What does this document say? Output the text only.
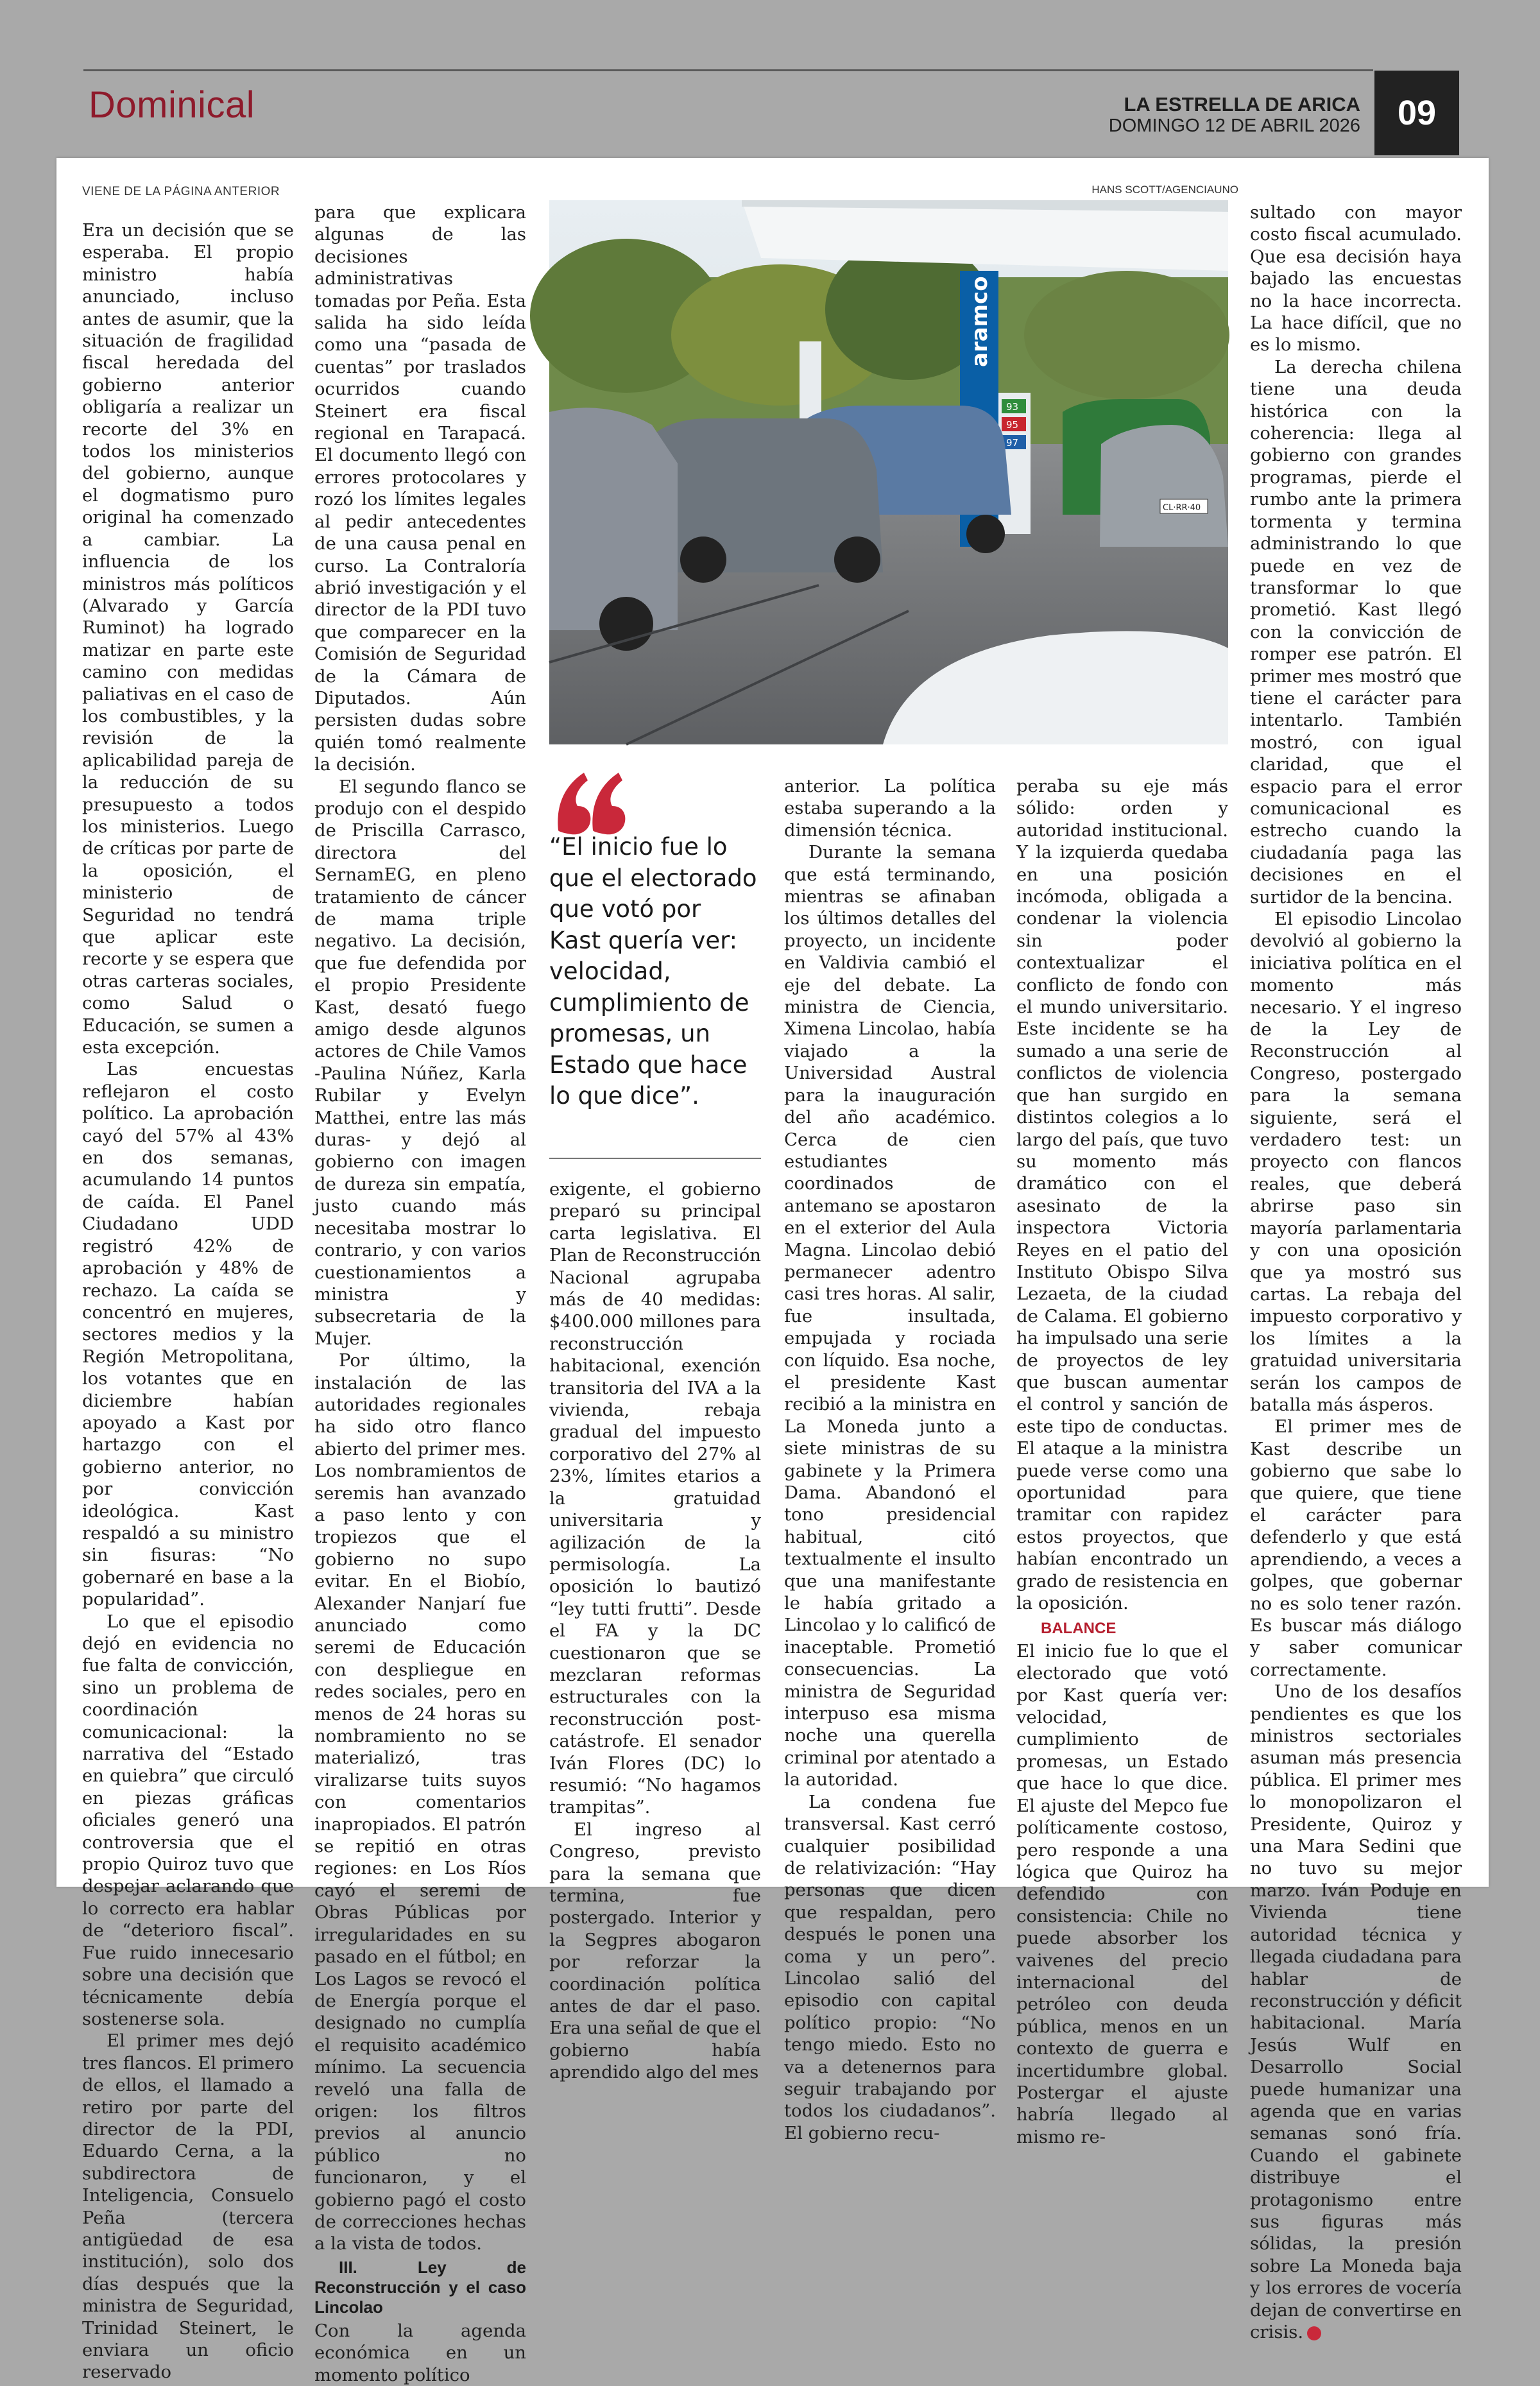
Dominical	LA ESTRELLA DE ARICA
DOMINGO 12 DE ABRIL 2026	09
VIENE DE LA PÁGINA ANTERIOR	HANS SCOTT/AGENCIAUNO

Era un decisión que se esperaba. El propio ministro había anunciado, incluso antes de asumir, que la situación de fragilidad fiscal heredada del gobierno anterior obligaría a realizar un recorte del 3% en todos los ministerios del gobierno, aunque el dogmatismo puro original ha comenzado a cambiar. La influencia de los ministros más políticos (Alvarado y García Ruminot) ha logrado matizar en parte este camino con medidas paliativas en el caso de los combustibles, y la revisión de la aplicabilidad pareja de la reducción de su presupuesto a todos los ministerios. Luego de críticas por parte de la oposición, el ministerio de Seguridad no tendrá que aplicar este recorte y se espera que otras carteras sociales, como Salud o Educación, se sumen a esta excepción.

Las encuestas reflejaron el costo político. La aprobación cayó del 57% al 43% en dos semanas, acumulando 14 puntos de caída. El Panel Ciudadano UDD registró 42% de aprobación y 48% de rechazo. La caída se concentró en mujeres, sectores medios y la Región Metropolitana, los votantes que en diciembre habían apoyado a Kast por hartazgo con el gobierno anterior, no por convicción ideológica. Kast respaldó a su ministro sin fisuras: “No gobernaré en base a la popularidad”.

Lo que el episodio dejó en evidencia no fue falta de convicción, sino un problema de coordinación comunicacional: la narrativa del “Estado en quiebra” que circuló en piezas gráficas oficiales generó una controversia que el propio Quiroz tuvo que despejar aclarando que lo correcto era hablar de “deterioro fiscal”. Fue ruido innecesario sobre una decisión que técnicamente debía sostenerse sola.

El primer mes dejó tres flancos. El primero de ellos, el llamado a retiro por parte del director de la PDI, Eduardo Cerna, a la subdirectora de Inteligencia, Consuelo Peña (tercera antigüedad de esa institución), solo dos días después que la ministra de Seguridad, Trinidad Steinert, le enviara un oficio reservado

para que explicara algunas de las decisiones administrativas tomadas por Peña. Esta salida ha sido leída como una “pasada de cuentas” por traslados ocurridos cuando Steinert era fiscal regional en Tarapacá. El documento llegó con errores protocolares y rozó los límites legales al pedir antecedentes de una causa penal en curso. La Contraloría abrió investigación y el director de la PDI tuvo que comparecer en la Comisión de Seguridad de la Cámara de Diputados. Aún persisten dudas sobre quién tomó realmente la decisión.

El segundo flanco se produjo con el despido de Priscilla Carrasco, directora del SernamEG, en pleno tratamiento de cáncer de mama triple negativo. La decisión, que fue defendida por el propio Presidente Kast, desató fuego amigo desde algunos actores de Chile Vamos -Paulina Núñez, Karla Rubilar y Evelyn Matthei, entre las más duras- y dejó al gobierno con imagen de dureza sin empatía, justo cuando más necesitaba mostrar lo contrario, y con varios cuestionamientos a ministra y subsecretaria de la Mujer.

Por último, la instalación de las autoridades regionales ha sido otro flanco abierto del primer mes. Los nombramientos de seremis han avanzado a paso lento y con tropiezos que el gobierno no supo evitar. En el Biobío, Alexander Nanjarí fue anunciado como seremi de Educación con despliegue en redes sociales, pero en menos de 24 horas su nombramiento no se materializó, tras viralizarse tuits suyos con comentarios inapropiados. El patrón se repitió en otras regiones: en Los Ríos cayó el seremi de Obras Públicas por irregularidades en su pasado en el fútbol; en Los Lagos se revocó el de Energía porque el designado no cumplía el requisito académico mínimo. La secuencia reveló una falla de origen: los filtros previos al anuncio público no funcionaron, y el gobierno pagó el costo de correcciones hechas a la vista de todos.

III. Ley de Reconstrucción y el caso Lincolao

Con la agenda económica en un momento político

aramco
93
95
97
CL·RR·40
“El inicio fue lo que el electorado que votó por Kast quería ver: velocidad, cumplimiento de promesas, un Estado que hace lo que dice”.

exigente, el gobierno preparó su principal carta legislativa. El Plan de Reconstrucción Nacional agrupaba más de 40 medidas: $400.000 millones para reconstrucción habitacional, exención transitoria del IVA a la vivienda, rebaja gradual del impuesto corporativo del 27% al 23%, límites etarios a la gratuidad universitaria y agilización de la permisología. La oposición lo bautizó “ley tutti frutti”. Desde el FA y la DC cuestionaron que se mezclaran reformas estructurales con la reconstrucción post-catástrofe. El senador Iván Flores (DC) lo resumió: “No hagamos trampitas”.

El ingreso al Congreso, previsto para la semana que termina, fue postergado. Interior y la Segpres abogaron por reforzar la coordinación política antes de dar el paso. Era una señal de que el gobierno había aprendido algo del mes

anterior. La política estaba superando a la dimensión técnica.

Durante la semana que está terminando, mientras se afinaban los últimos detalles del proyecto, un incidente en Valdivia cambió el eje del debate. La ministra de Ciencia, Ximena Lincolao, había viajado a la Universidad Austral para la inauguración del año académico. Cerca de cien estudiantes coordinados de antemano se apostaron en el exterior del Aula Magna. Lincolao debió permanecer adentro casi tres horas. Al salir, fue insultada, empujada y rociada con líquido. Esa noche, el presidente Kast recibió a la ministra en La Moneda junto a siete ministras de su gabinete y la Primera Dama. Abandonó el tono presidencial habitual, citó textualmente el insulto que una manifestante le había gritado a Lincolao y lo calificó de inaceptable. Prometió consecuencias. La ministra de Seguridad interpuso esa misma noche una querella criminal por atentado a la autoridad.

La condena fue transversal. Kast cerró cualquier posibilidad de relativización: “Hay personas que dicen que respaldan, pero después le ponen una coma y un pero”. Lincolao salió del episodio con capital político propio: “No tengo miedo. Esto no va a detenernos para seguir trabajando por todos los ciudadanos”. El gobierno recu-

peraba su eje más sólido: orden y autoridad institucional. Y la izquierda quedaba en una posición incómoda, obligada a condenar la violencia sin poder contextualizar el conflicto de fondo con el mundo universitario. Este incidente se ha sumado a una serie de conflictos de violencia que han surgido en distintos colegios a lo largo del país, que tuvo su momento más dramático con el asesinato de la inspectora Victoria Reyes en el patio del Instituto Obispo Silva Lezaeta, de la ciudad de Calama. El gobierno ha impulsado una serie de proyectos de ley que buscan aumentar el control y sanción de este tipo de conductas. El ataque a la ministra puede verse como una oportunidad para tramitar con rapidez estos proyectos, que habían encontrado un grado de resistencia en la oposición.

BALANCE

El inicio fue lo que el electorado que votó por Kast quería ver: velocidad, cumplimiento de promesas, un Estado que hace lo que dice. El ajuste del Mepco fue políticamente costoso, pero responde a una lógica que Quiroz ha defendido con consistencia: Chile no puede absorber los vaivenes del precio internacional del petróleo con deuda pública, menos en un contexto de guerra e incertidumbre global. Postergar el ajuste habría llegado al mismo re-

sultado con mayor costo fiscal acumulado. Que esa decisión haya bajado las encuestas no la hace incorrecta. La hace difícil, que no es lo mismo.

La derecha chilena tiene una deuda histórica con la coherencia: llega al gobierno con grandes programas, pierde el rumbo ante la primera tormenta y termina administrando lo que puede en vez de transformar lo que prometió. Kast llegó con la convicción de romper ese patrón. El primer mes mostró que tiene el carácter para intentarlo. También mostró, con igual claridad, que el espacio para el error comunicacional es estrecho cuando la ciudadanía paga las decisiones en el surtidor de la bencina.

El episodio Lincolao devolvió al gobierno la iniciativa política en el momento más necesario. Y el ingreso de la Ley de Reconstrucción al Congreso, postergado para la semana siguiente, será el verdadero test: un proyecto con flancos reales, que deberá abrirse paso sin mayoría parlamentaria y con una oposición que ya mostró sus cartas. La rebaja del impuesto corporativo y los límites a la gratuidad universitaria serán los campos de batalla más ásperos.

El primer mes de Kast describe un gobierno que sabe lo que quiere, que tiene el carácter para defenderlo y que está aprendiendo, a veces a golpes, que gobernar no es solo tener razón. Es buscar más diálogo y saber comunicar correctamente.

Uno de los desafíos pendientes es que los ministros sectoriales asuman más presencia pública. El primer mes lo monopolizaron el Presidente, Quiroz y una Mara Sedini que no tuvo su mejor marzo. Iván Poduje en Vivienda tiene autoridad técnica y llegada ciudadana para hablar de reconstrucción y déficit habitacional. María Jesús Wulf en Desarrollo Social puede humanizar una agenda que en varias semanas sonó fría. Cuando el gabinete distribuye el protagonismo entre sus figuras más sólidas, la presión sobre La Moneda baja y los errores de vocería dejan de convertirse en crisis.
